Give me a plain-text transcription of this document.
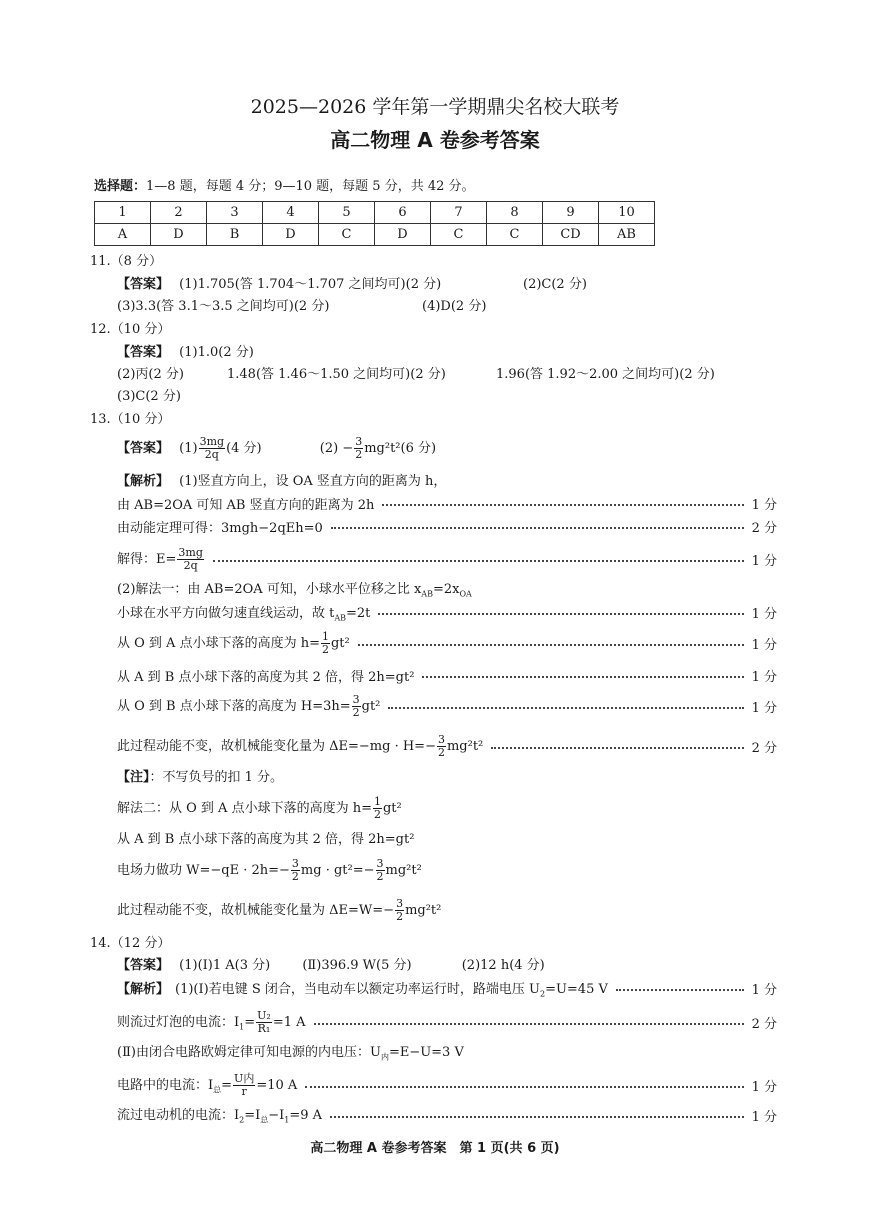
2025—2026 学年第一学期鼎尖名校大联考
高二物理 A 卷参考答案
选择题：1—8 题，每题 4 分；9—10 题，每题 5 分，共 42 分。
1	2	3	4	5	6	7	8	9	10
A	D	B	D	C	D	C	C	CD	AB
11.（8 分）
【答案】 (1)1.705(答 1.704～1.707 之间均可)(2 分)	(2)C(2 分)
(3)3.3(答 3.1～3.5 之间均可)(2 分)	(4)D(2 分)
12.（10 分）
【答案】 (1)1.0(2 分)
(2)丙(2 分)	1.48(答 1.46～1.50 之间均可)(2 分)	1.96(答 1.92～2.00 之间均可)(2 分)
(3)C(2 分)
13.（10 分）
【答案】 $(1) \frac{3mg}{2q} (4$ 分)	$(2) - \frac{3}{2} mg^2t^2(6$ 分)
【解析】 (1)竖直方向上，设 OA 竖直方向的距离为 h，
由 AB=2OA 可知 AB 竖直方向的距离为 2h	1 分
由动能定理可得：3mgh−2qEh=0	2 分
解得：$E= \frac{3mg}{2q}$	1 分
(2)解法一：由 AB=2OA 可知，小球水平位移之比 $x_{AB}=2x_{OA}$
小球在水平方向做匀速直线运动，故 $t_{AB}=2t$	1 分
从 O 到 A 点小球下落的高度为 $h= \frac{1}{2} gt^2$	1 分
从 A 到 B 点小球下落的高度为其 2 倍，得 2h=gt²	1 分
从 O 到 B 点小球下落的高度为 $H=3h= \frac{3}{2} gt^2$	1 分
此过程动能不变，故机械能变化量为 $\Delta E=-mg \cdot H=- \frac{3}{2} mg^2t^2$	2 分
【注】：不写负号的扣 1 分。
解法二：从 O 到 A 点小球下落的高度为 $h= \frac{1}{2} gt^2$
从 A 到 B 点小球下落的高度为其 2 倍，得 2h=gt²
电场力做功 $W=-qE \cdot 2h=- \frac{3}{2}$ mg · $gt^2=- \frac{3}{2} mg^2t^2$
此过程动能不变，故机械能变化量为 $\Delta E=W=- \frac{3}{2} mg^2t^2$
14.（12 分）
【答案】 (1)(Ⅰ)1 A(3 分) (Ⅱ)396.9 W(5 分)	(2)12 h(4 分)
【解析】 (1)(Ⅰ)若电键 S 闭合，当电动车以额定功率运行时，路端电压 $U_2=U=45$ V	1 分
则流过灯泡的电流：$I_1= \frac{\text{U₂}}{\text{R₁}} =1$ A	2 分
(Ⅱ)由闭合电路欧姆定律可知电源的内电压：$U_内=E-U=3$ V
电路中的电流：$I_总= \frac{\text{U内}}{r} =10$ A	1 分
流过电动机的电流：$I_2=I_总-I_1=9$ A	1 分
高二物理 A 卷参考答案　第 1 页(共 6 页)
